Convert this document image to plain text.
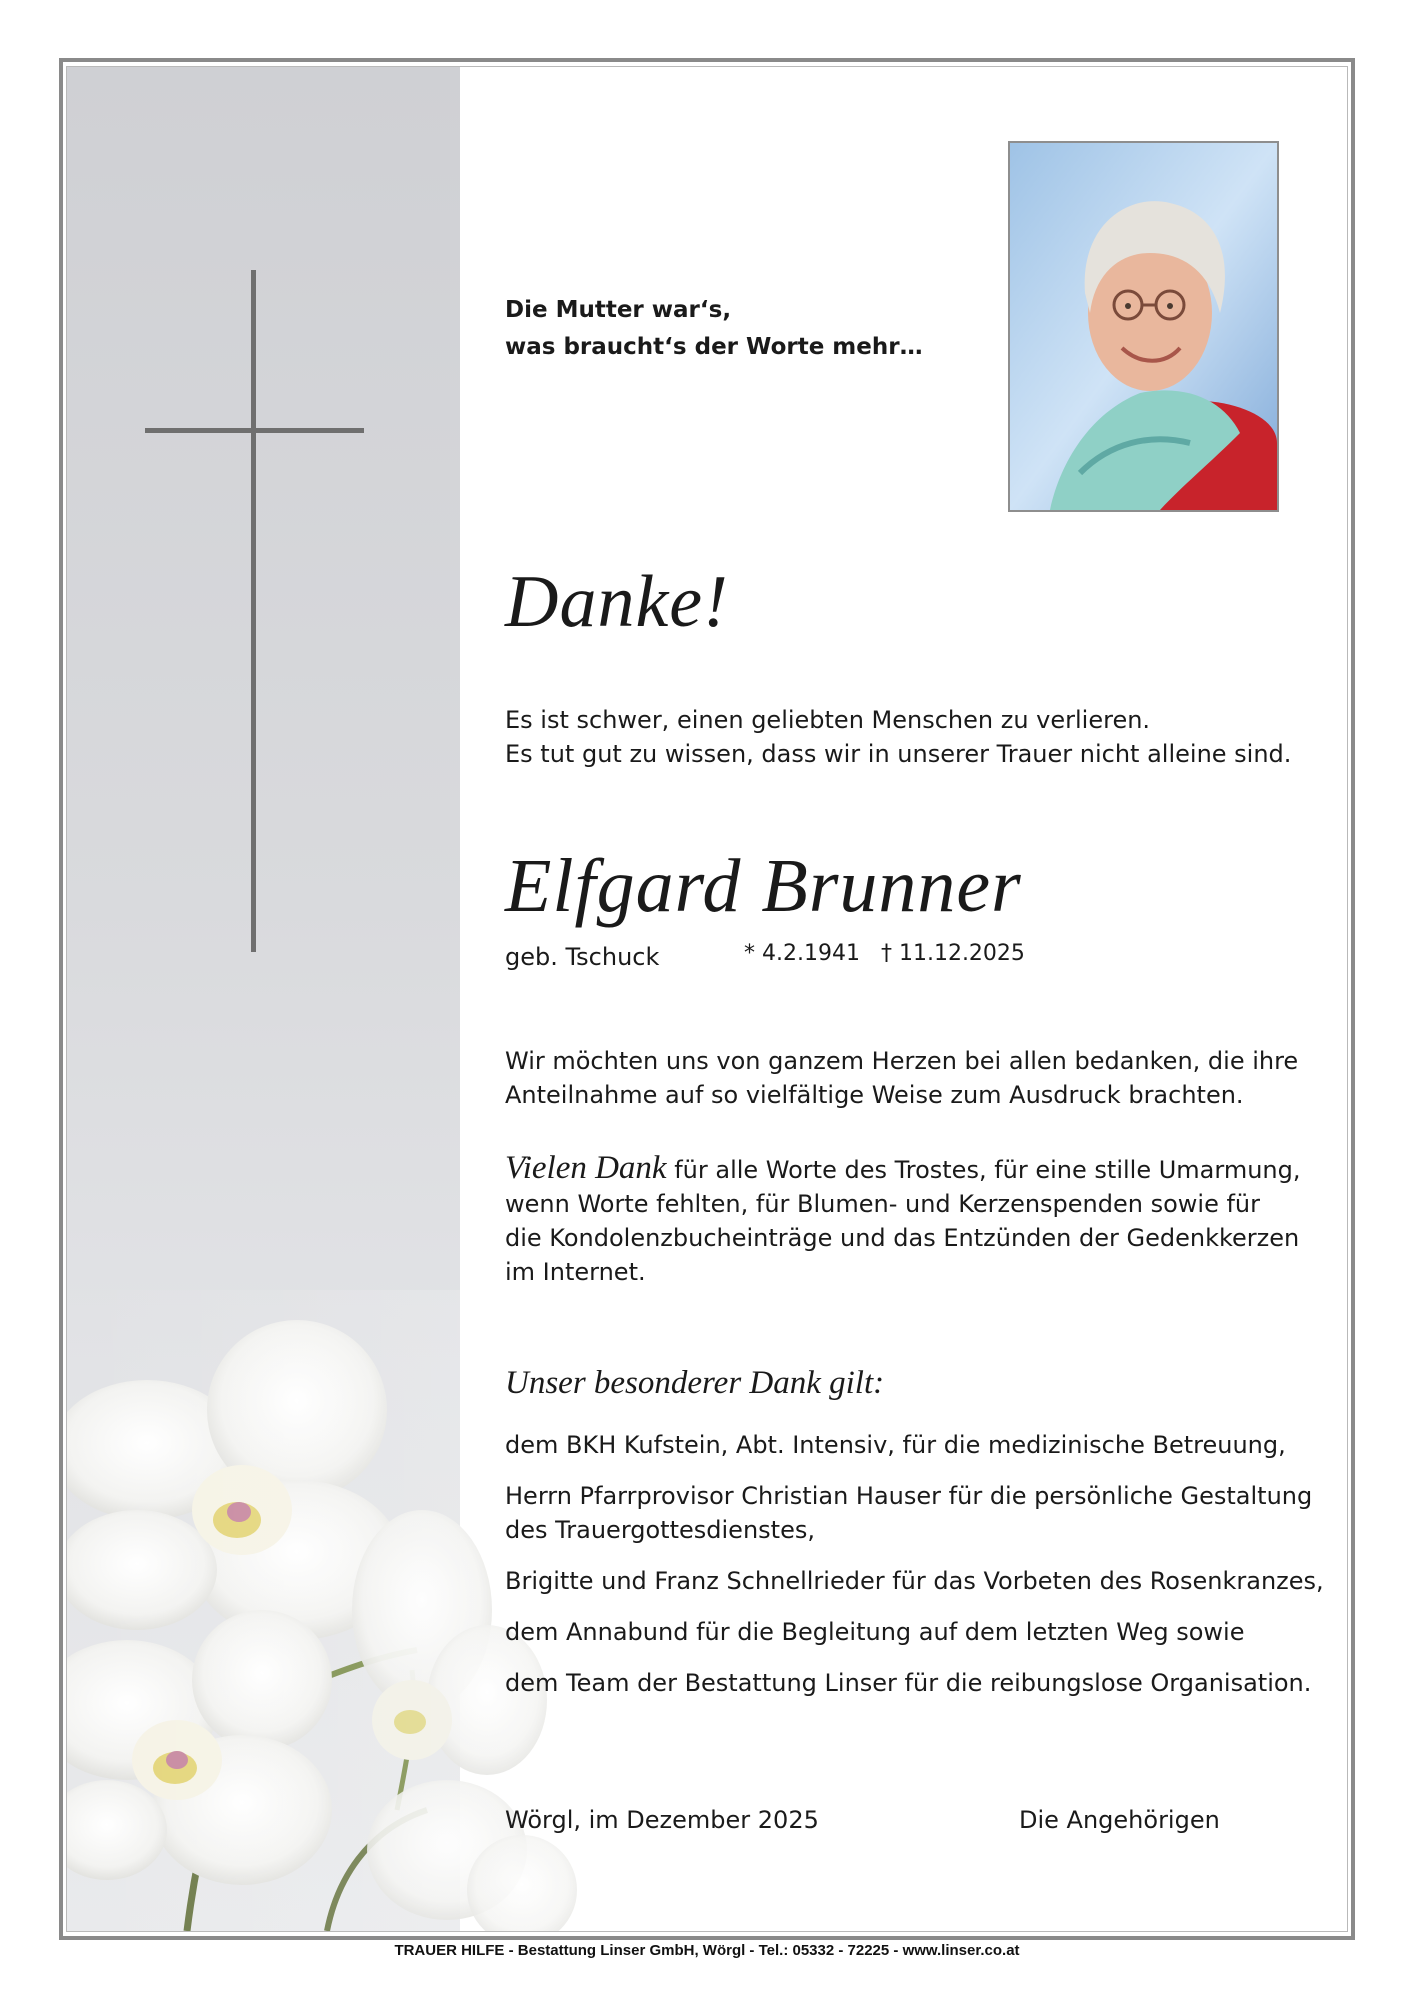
Die Mutter war‘s,
was braucht‘s der Worte mehr…

Danke!

Es ist schwer, einen geliebten Menschen zu verlieren.
Es tut gut zu wissen, dass wir in unserer Trauer nicht alleine sind.

Elfgard Brunner

geb. Tschuck	* 4.2.1941 † 11.12.2025

Wir möchten uns von ganzem Herzen bei allen bedanken, die ihre
Anteilnahme auf so vielfältige Weise zum Ausdruck brachten.

Vielen Dank für alle Worte des Trostes, für eine stille Umarmung,
wenn Worte fehlten, für Blumen- und Kerzenspenden sowie für
die Kondolenzbucheinträge und das Entzünden der Gedenkkerzen
im Internet.

Unser besonderer Dank gilt:

dem BKH Kufstein, Abt. Intensiv, für die medizinische Betreuung,
Herrn Pfarrprovisor Christian Hauser für die persönliche Gestaltung
des Trauergottesdienstes,
Brigitte und Franz Schnellrieder für das Vorbeten des Rosenkranzes,
dem Annabund für die Begleitung auf dem letzten Weg sowie
dem Team der Bestattung Linser für die reibungslose Organisation.

Wörgl, im Dezember 2025	Die Angehörigen
TRAUER HILFE - Bestattung Linser GmbH, Wörgl - Tel.: 05332 - 72225 - www.linser.co.at
